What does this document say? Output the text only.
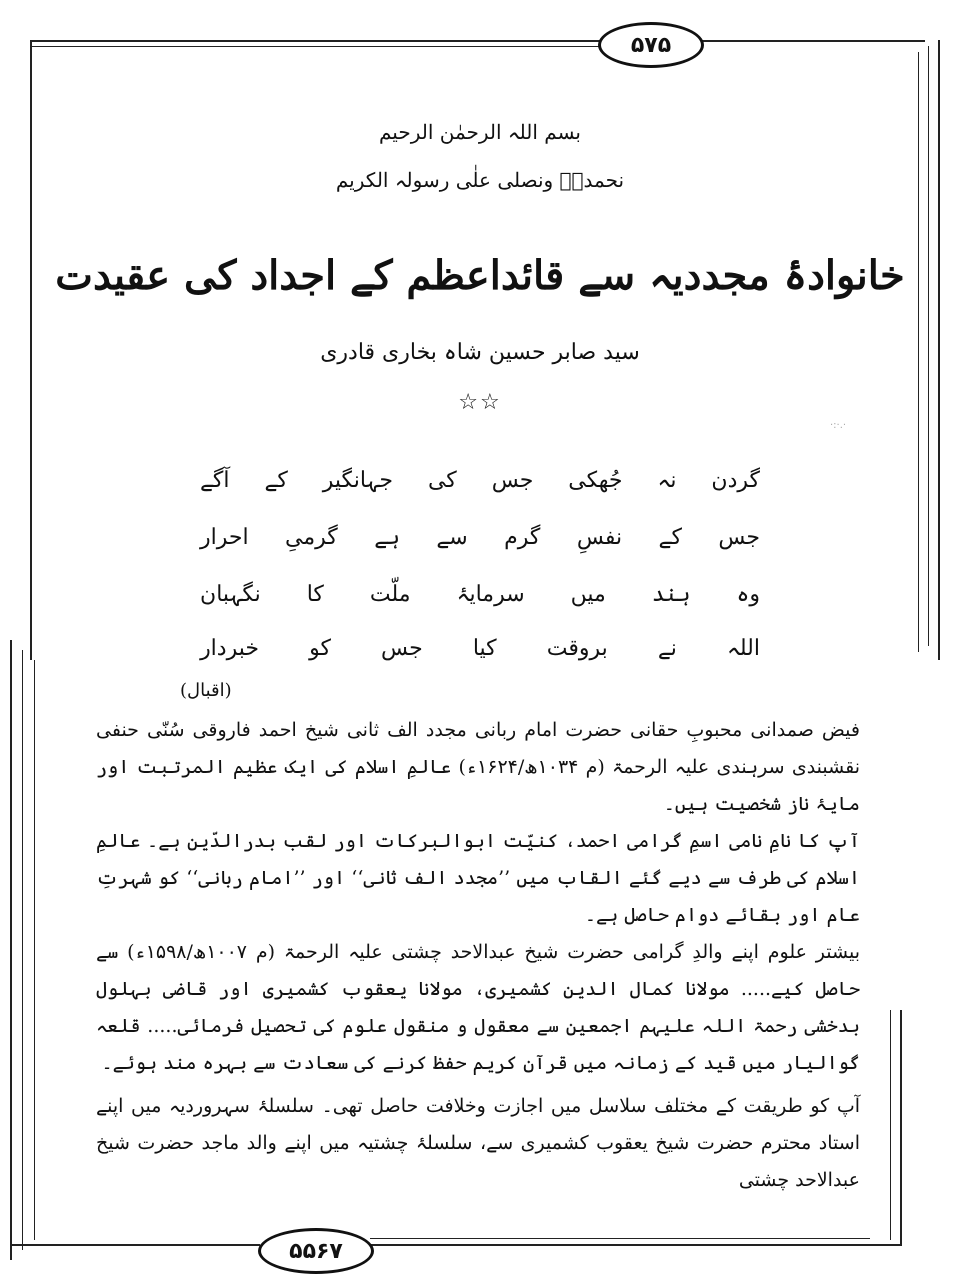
۵۷۵
۵۵۶۷
بسم اللہ الرحمٰن الرحیم
نحمدہٗ ونصلی علٰی رسولہ الکریم
خانوادۂ مجددیہ سے قائداعظم کے اجداد کی عقیدت
سید صابر حسین شاہ بخاری قادری
☆☆
·:·.·
گردن
نہ
جُھکی
جس
کی
جہانگیر
کے
آگے
جس
کے
نفسِ
گرم
سے
ہے
گرمیِ
احرار
وہ
ہند
میں
سرمایۂ
ملّت
کا
نگہبان
اللہ
نے
بروقت
کیا
جس
کو
خبردار
(اقبال)

فیض صمدانی محبوبِ حقانی حضرت امام ربانی مجدد الف ثانی شیخ احمد فاروقی سُنّی حنفی نقشبندی سرہندی علیہ الرحمۃ (م ۱۰۳۴ھ/۱۶۲۴ء) عالمِ اسلام کی ایک عظیم المرتبت اور مایۂ ناز شخصیت ہیں۔

آپ کا نامِ نامی اسمِ گرامی احمد، کنیّت ابوالبرکات اور لقب بدرالدّین ہے۔ عالمِ اسلام کی طرف سے دیے گئے القاب میں ’’مجدد الف ثانی‘‘ اور ’’امام ربانی‘‘ کو شہرتِ عام اور بقائے دوام حاصل ہے۔

بیشتر علوم اپنے والدِ گرامی حضرت شیخ عبدالاحد چشتی علیہ الرحمۃ (م ۱۰۰۷ھ/۱۵۹۸ء) سے حاصل کیے..... مولانا کمال الدین کشمیری، مولانا یعقوب کشمیری اور قاضی بہلول بدخشی رحمۃ اللہ علیہم اجمعین سے معقول و منقول علوم کی تحصیل فرمائی..... قلعہ گوالیار میں قید کے زمانہ میں قرآن کریم حفظ کرنے کی سعادت سے بہرہ مند ہوئے۔

آپ کو طریقت کے مختلف سلاسل میں اجازت وخلافت حاصل تھی۔ سلسلۂ سہروردیہ میں اپنے استاد محترم حضرت شیخ یعقوب کشمیری سے، سلسلۂ چشتیہ میں اپنے والد ماجد حضرت شیخ عبدالاحد چشتی
